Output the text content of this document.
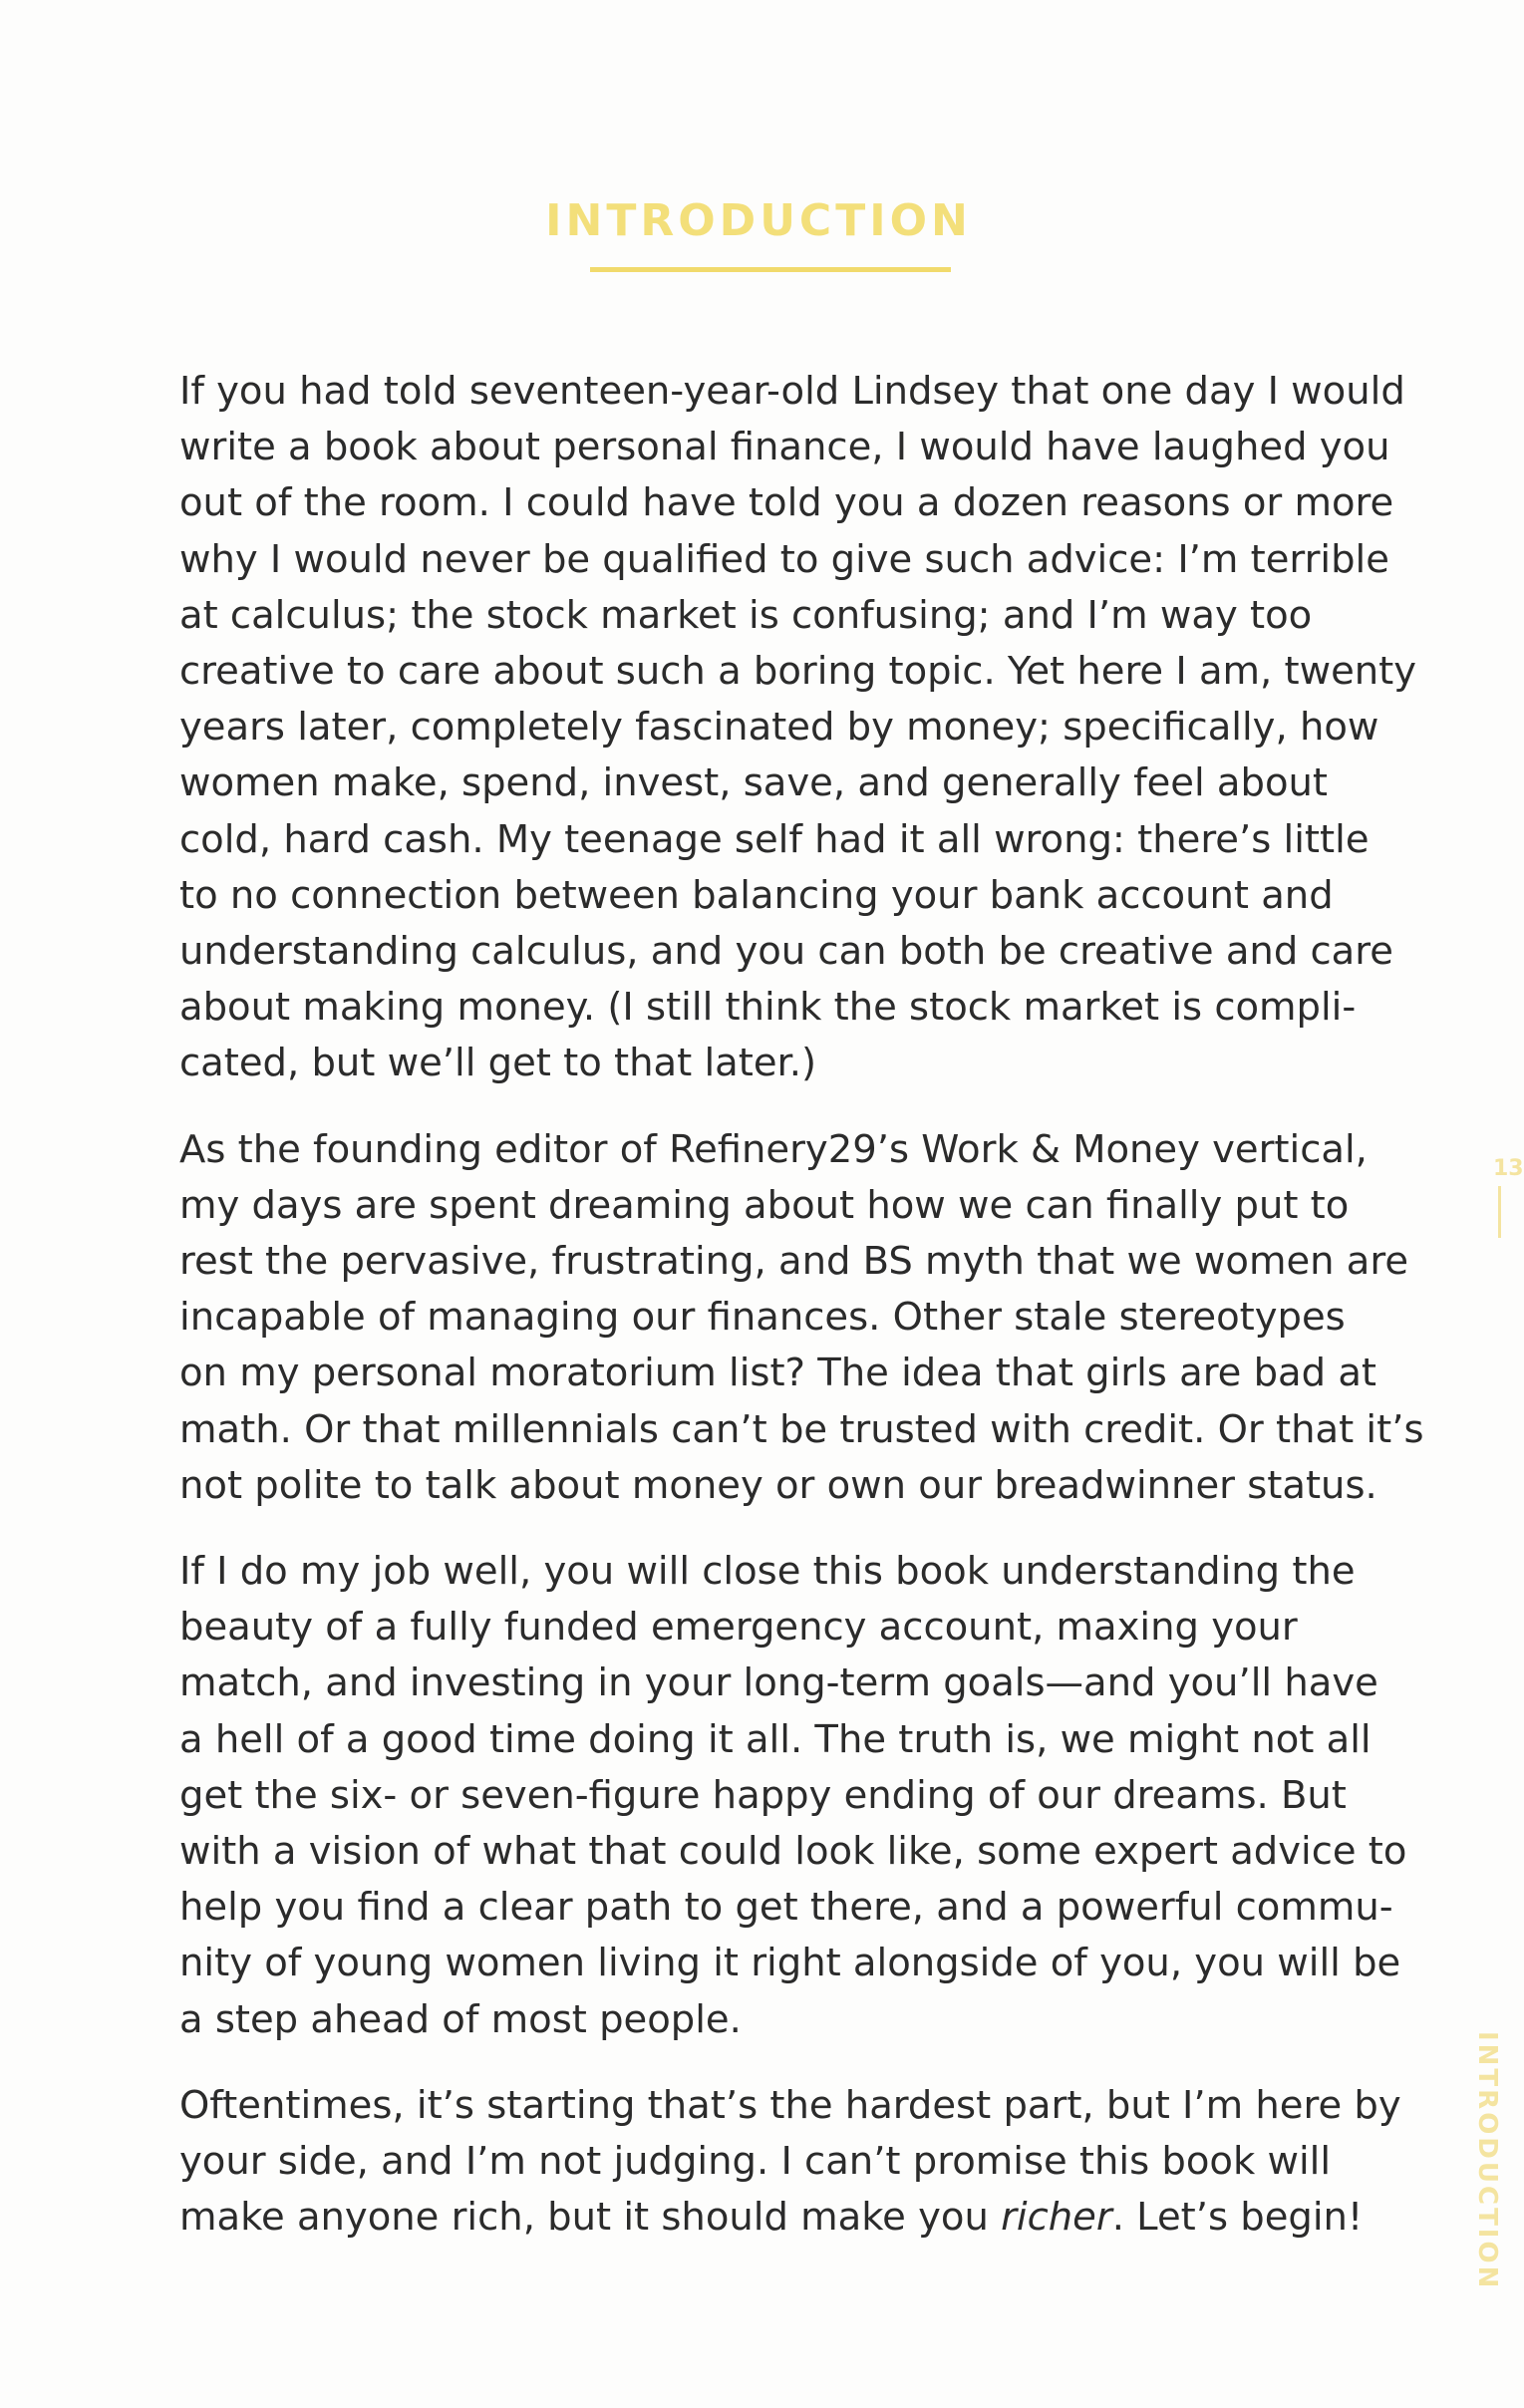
INTRODUCTION

If you had told seventeen-year-old Lindsey that one day I would
write a book about personal finance, I would have laughed you
out of the room. I could have told you a dozen reasons or more
why I would never be qualified to give such advice: I’m terrible
at calculus; the stock market is confusing; and I’m way too
creative to care about such a boring topic. Yet here I am, twenty
years later, completely fascinated by money; specifically, how
women make, spend, invest, save, and generally feel about
cold, hard cash. My teenage self had it all wrong: there’s little
to no connection between balancing your bank account and
understanding calculus, and you can both be creative and care
about making money. (I still think the stock market is compli-
cated, but we’ll get to that later.)

As the founding editor of Refinery29’s Work & Money vertical,
my days are spent dreaming about how we can finally put to
rest the pervasive, frustrating, and BS myth that we women are
incapable of managing our finances. Other stale stereotypes
on my personal moratorium list? The idea that girls are bad at
math. Or that millennials can’t be trusted with credit. Or that it’s
not polite to talk about money or own our breadwinner status.

If I do my job well, you will close this book understanding the
beauty of a fully funded emergency account, maxing your
match, and investing in your long-term goals—and you’ll have
a hell of a good time doing it all. The truth is, we might not all
get the six- or seven-figure happy ending of our dreams. But
with a vision of what that could look like, some expert advice to
help you find a clear path to get there, and a powerful commu-
nity of young women living it right alongside of you, you will be
a step ahead of most people.

Oftentimes, it’s starting that’s the hardest part, but I’m here by
your side, and I’m not judging. I can’t promise this book will
make anyone rich, but it should make you richer. Let’s begin!

13
INTRODUCTION
